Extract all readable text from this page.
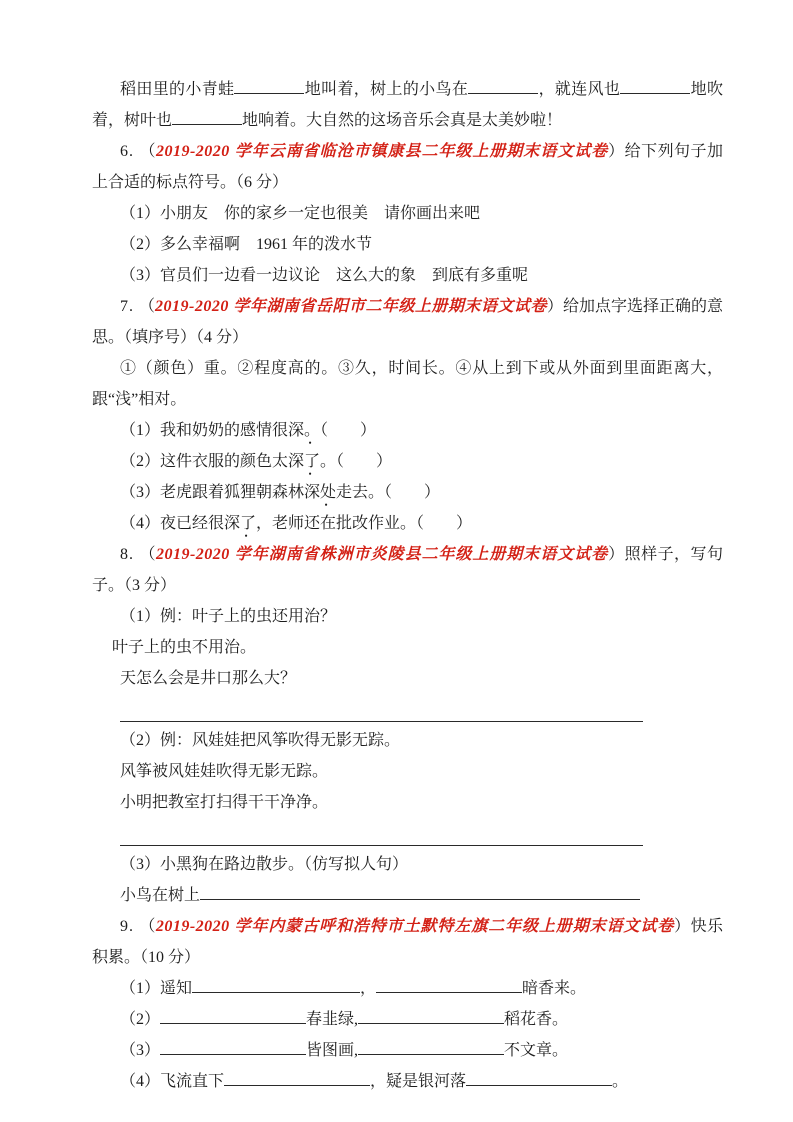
稻田里的小青蛙	地叫着，树上的小鸟在	，就连风也	地吹着，树叶也	地响着。大自然的这场音乐会真是太美妙啦！

6. （2019-2020 学年云南省临沧市镇康县二年级上册期末语文试卷）给下列句子加上合适的标点符号。（6 分）

（1）小朋友　你的家乡一定也很美　请你画出来吧

（2）多么幸福啊　1961 年的泼水节

（3）官员们一边看一边议论　这么大的象　到底有多重呢

7. （2019-2020 学年湖南省岳阳市二年级上册期末语文试卷）给加点字选择正确的意思。（填序号）（4 分）

①（颜色）重。②程度高的。③久，时间长。④从上到下或从外面到里面距离大，跟“浅”相对。

（1）我和奶奶的感情很深。（　　）

（2）这件衣服的颜色太深了。（　　）

（3）老虎跟着狐狸朝森林深处走去。（　　）

（4）夜已经很深了，老师还在批改作业。（　　）

8. （2019-2020 学年湖南省株洲市炎陵县二年级上册期末语文试卷）照样子，写句子。（3 分）

（1）例：叶子上的虫还用治？

叶子上的虫不用治。

天怎么会是井口那么大？

（2）例：风娃娃把风筝吹得无影无踪。

风筝被风娃娃吹得无影无踪。

小明把教室打扫得干干净净。

（3）小黑狗在路边散步。（仿写拟人句）

小鸟在树上

9. （2019-2020 学年内蒙古呼和浩特市土默特左旗二年级上册期末语文试卷）快乐积累。（10 分）

（1）遥知	，	暗香来。

（2）	春韭绿,	稻花香。

（3）	皆图画,	不文章。

（4）飞流直下	，疑是银河落	。
